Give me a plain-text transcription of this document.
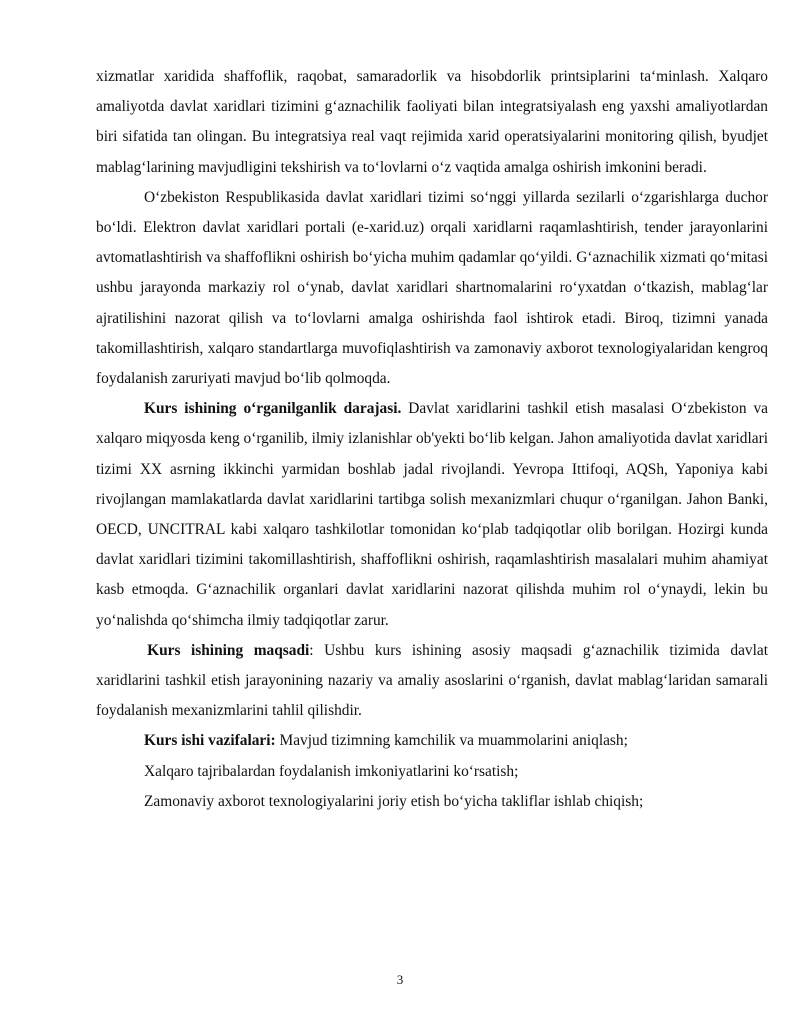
xizmatlar xaridida shaffoflik, raqobat, samaradorlik va hisobdorlik printsiplarini ta‘minlash. Xalqaro amaliyotda davlat xaridlari tizimini g‘aznachilik faoliyati bilan integratsiyalash eng yaxshi amaliyotlardan biri sifatida tan olingan. Bu integratsiya real vaqt rejimida xarid operatsiyalarini monitoring qilish, byudjet mablag‘larining mavjudligini tekshirish va to‘lovlarni o‘z vaqtida amalga oshirish imkonini beradi.

O‘zbekiston Respublikasida davlat xaridlari tizimi so‘nggi yillarda sezilarli o‘zgarishlarga duchor bo‘ldi. Elektron davlat xaridlari portali (e-xarid.uz) orqali xaridlarni raqamlashtirish, tender jarayonlarini avtomatlashtirish va shaffoflikni oshirish bo‘yicha muhim qadamlar qo‘yildi. G‘aznachilik xizmati qo‘mitasi ushbu jarayonda markaziy rol o‘ynab, davlat xaridlari shartnomalarini ro‘yxatdan o‘tkazish, mablag‘lar ajratilishini nazorat qilish va to‘lovlarni amalga oshirishda faol ishtirok etadi. Biroq, tizimni yanada takomillashtirish, xalqaro standartlarga muvofiqlashtirish va zamonaviy axborot texnologiyalaridan kengroq foydalanish zaruriyati mavjud bo‘lib qolmoqda.

Kurs ishining o‘rganilganlik darajasi. Davlat xaridlarini tashkil etish masalasi O‘zbekiston va xalqaro miqyosda keng o‘rganilib, ilmiy izlanishlar ob'yekti bo‘lib kelgan. Jahon amaliyotida davlat xaridlari tizimi XX asrning ikkinchi yarmidan boshlab jadal rivojlandi. Yevropa Ittifoqi, AQSh, Yaponiya kabi rivojlangan mamlakatlarda davlat xaridlarini tartibga solish mexanizmlari chuqur o‘rganilgan. Jahon Banki, OECD, UNCITRAL kabi xalqaro tashkilotlar tomonidan ko‘plab tadqiqotlar olib borilgan. Hozirgi kunda davlat xaridlari tizimini takomillashtirish, shaffoflikni oshirish, raqamlashtirish masalalari muhim ahamiyat kasb etmoqda. G‘aznachilik organlari davlat xaridlarini nazorat qilishda muhim rol o‘ynaydi, lekin bu yo‘nalishda qo‘shimcha ilmiy tadqiqotlar zarur.

 Kurs ishining maqsadi: Ushbu kurs ishining asosiy maqsadi g‘aznachilik tizimida davlat xaridlarini tashkil etish jarayonining nazariy va amaliy asoslarini o‘rganish, davlat mablag‘laridan samarali foydalanish mexanizmlarini tahlil qilishdir.

Kurs ishi vazifalari: Mavjud tizimning kamchilik va muammolarini aniqlash;

Xalqaro tajribalardan foydalanish imkoniyatlarini ko‘rsatish;

Zamonaviy axborot texnologiyalarini joriy etish bo‘yicha takliflar ishlab chiqish;

3
